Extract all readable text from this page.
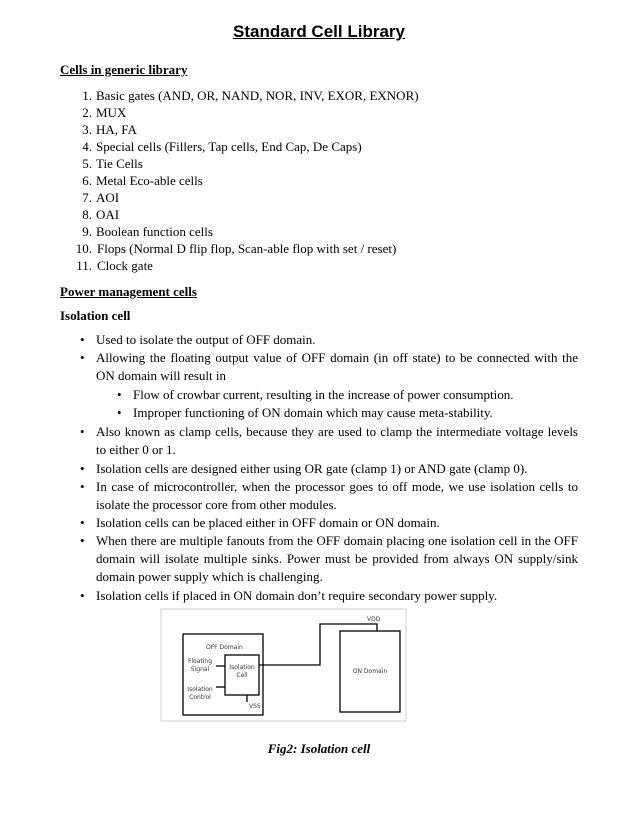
Standard Cell Library
Cells in generic library
1. Basic gates (AND, OR, NAND, NOR, INV, EXOR, EXNOR)
2. MUX
3. HA, FA
4. Special cells (Fillers, Tap cells, End Cap, De Caps)
5. Tie Cells
6. Metal Eco-able cells
7. AOI
8. OAI
9. Boolean function cells
10. Flops (Normal D flip flop, Scan-able flop with set / reset)
11. Clock gate
Power management cells
Isolation cell
• Used to isolate the output of OFF domain.
• Allowing the floating output value of OFF domain (in off state) to be connected with the ON domain will result in
• Flow of crowbar current, resulting in the increase of power consumption.
• Improper functioning of ON domain which may cause meta-stability.
• Also known as clamp cells, because they are used to clamp the intermediate voltage levels to either 0 or 1.
• Isolation cells are designed either using OR gate (clamp 1) or AND gate (clamp 0).
• In case of microcontroller, when the processor goes to off mode, we use isolation cells to isolate the processor core from other modules.
• Isolation cells can be placed either in OFF domain or ON domain.
• When there are multiple fanouts from the OFF domain placing one isolation cell in the OFF domain will isolate multiple sinks. Power must be provided from always ON supply/sink domain power supply which is challenging.
• Isolation cells if placed in ON domain don’t require secondary power supply.
VDD
OFF Domain
Floating Signal	Isolation Cell
Isolation Control
VSS
ON Domain
Fig2: Isolation cell
